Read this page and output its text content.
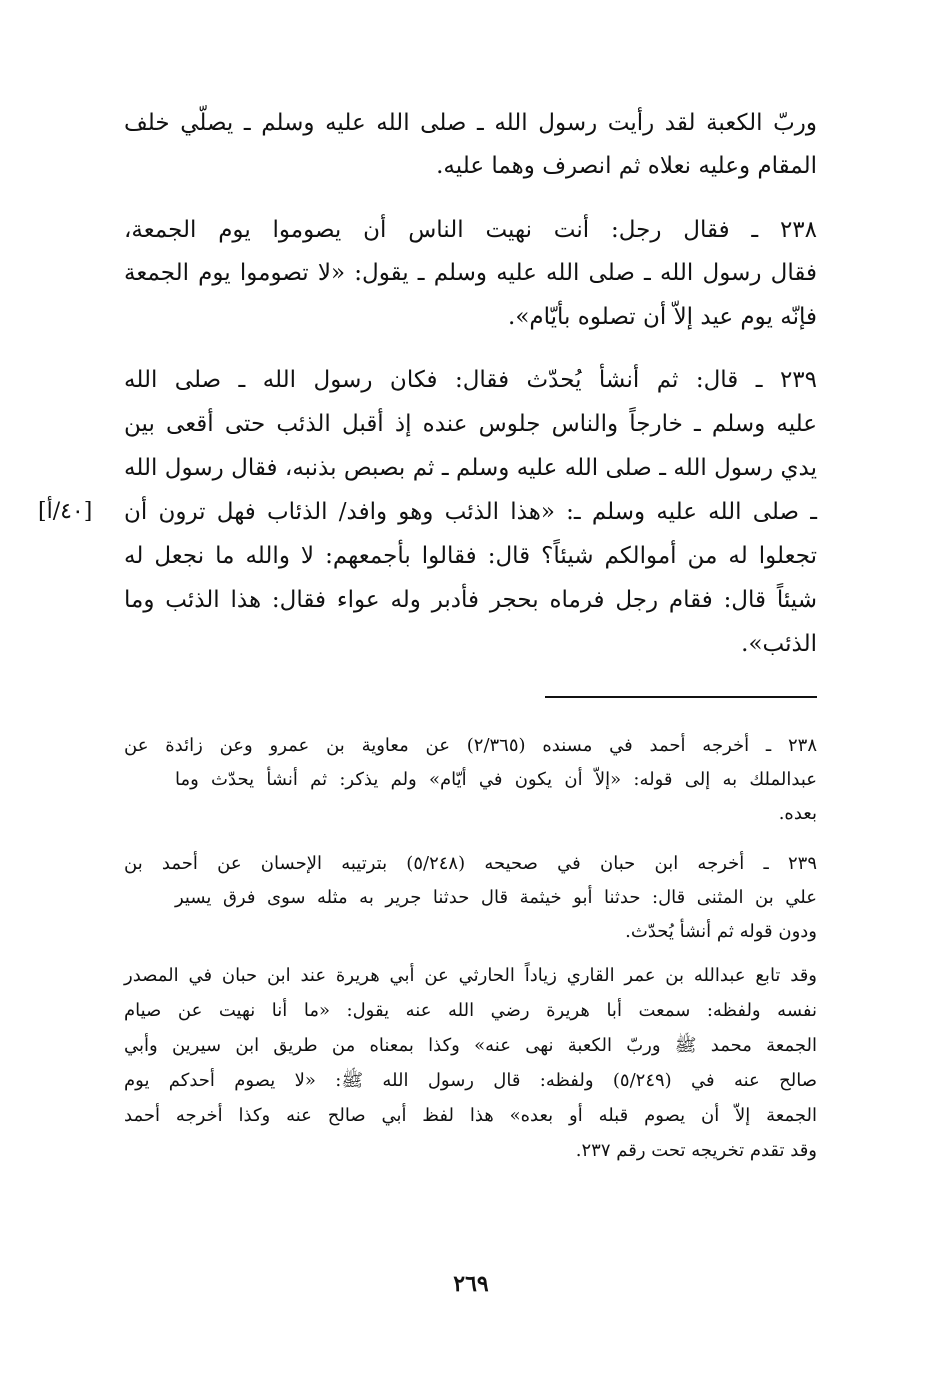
وربّ الكعبة لقد رأيت رسول الله ـ صلى الله عليه وسلم ـ يصلّي خلف
المقام وعليه نعلاه ثم انصرف وهما عليه.
٢٣٨ ـ فقال رجل: أنت نهيت الناس أن يصوموا يوم الجمعة،
فقال رسول الله ـ صلى الله عليه وسلم ـ يقول: «لا تصوموا يوم الجمعة
فإنّه يوم عيد إلاّ أن تصلوه بأيّام».
٢٣٩ ـ قال: ثم أنشأ يُحدّث فقال: فكان رسول الله ـ صلى الله
عليه وسلم ـ خارجاً والناس جلوس عنده إذ أقبل الذئب حتى أقعى بين
يدي رسول الله ـ صلى الله عليه وسلم ـ ثم بصبص بذنبه، فقال رسول الله
ـ صلى الله عليه وسلم ـ: «هذا الذئب وهو وافد/ الذئاب فهل ترون أن
تجعلوا له من أموالكم شيئاً؟ قال: فقالوا بأجمعهم: لا والله ما نجعل له
شيئاً قال: فقام رجل فرماه بحجر فأدبر وله عواء فقال: هذا الذئب وما
الذئب».
[٤٠/أ]
٢٣٨ ـ أخرجه أحمد في مسنده (٢/٣٦٥) عن معاوية بن عمرو وعن زائدة عن
عبدالملك به إلى قوله: «إلاّ أن يكون في أيّام» ولم يذكر: ثم أنشأ يحدّث وما
بعده.
٢٣٩ ـ أخرجه ابن حبان في صحيحه (٥/٢٤٨) بترتيبه الإحسان عن أحمد بن
علي بن المثنى قال: حدثنا أبو خيثمة قال حدثنا جرير به مثله سوى فرق يسير
ودون قوله ثم أنشأ يُحدّث.
وقد تابع عبدالله بن عمر القاري زياداً الحارثي عن أبي هريرة عند ابن حبان في المصدر
نفسه ولفظه: سمعت أبا هريرة رضي الله عنه يقول: «ما أنا نهيت عن صيام
الجمعة محمد ﷺ وربّ الكعبة نهى عنه» وكذا بمعناه من طريق ابن سيرين وأبي
صالح عنه في (٥/٢٤٩) ولفظه: قال رسول الله ﷺ: «لا يصوم أحدكم يوم
الجمعة إلاّ أن يصوم قبله أو بعده» هذا لفظ أبي صالح عنه وكذا أخرجه أحمد
وقد تقدم تخريجه تحت رقم ٢٣٧.
٢٦٩
